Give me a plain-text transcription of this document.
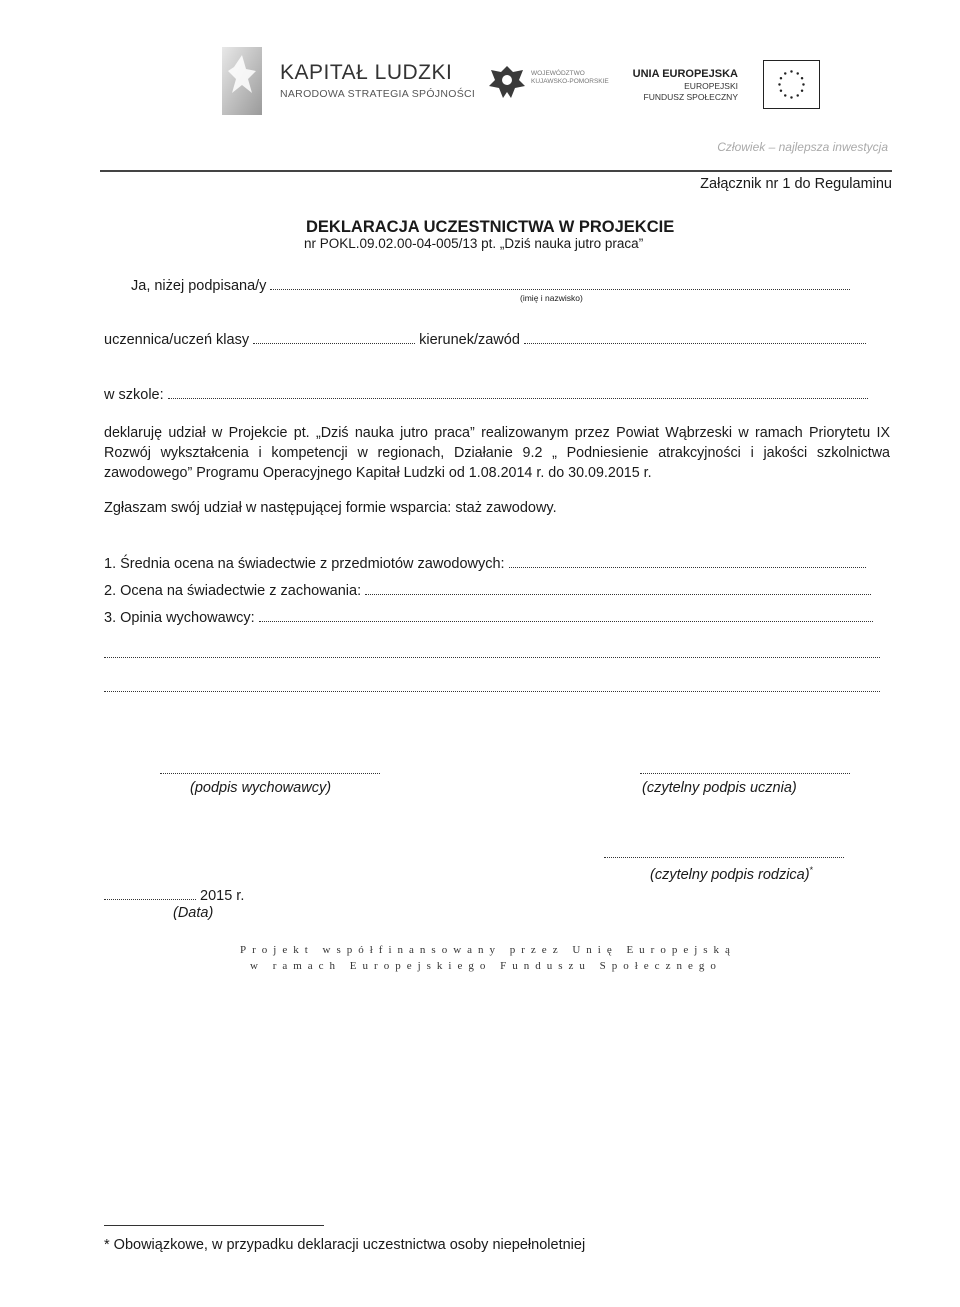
KAPITAŁ LUDZKI
NARODOWA STRATEGIA SPÓJNOŚCI
WOJEWÓDZTWO KUJAWSKO-POMORSKIE
UNIA EUROPEJSKA
EUROPEJSKI
FUNDUSZ SPOŁECZNY
Człowiek – najlepsza inwestycja
Załącznik nr 1 do Regulaminu
DEKLARACJA UCZESTNICTWA W PROJEKCIE
nr POKL.09.02.00-04-005/13 pt. „Dziś nauka jutro praca”
Ja, niżej podpisana/y
(imię i nazwisko)
uczennica/uczeń klasy	kierunek/zawód
w szkole:
deklaruję udział w Projekcie pt. „Dziś nauka jutro praca” realizowanym przez Powiat Wąbrzeski w ramach Priorytetu IX Rozwój wykształcenia i kompetencji w regionach, Działanie 9.2 „ Podniesienie atrakcyjności i jakości szkolnictwa zawodowego” Programu Operacyjnego Kapitał Ludzki od 1.08.2014 r. do 30.09.2015 r.
Zgłaszam swój udział w następującej formie wsparcia: staż zawodowy.
1. Średnia ocena na świadectwie z przedmiotów zawodowych:
2. Ocena na świadectwie z zachowania:
3. Opinia wychowawcy:
(podpis wychowawcy)	(czytelny podpis ucznia)
(czytelny podpis rodzica)*
2015 r.
(Data)
Projekt współfinansowany przez Unię Europejską
w ramach Europejskiego Funduszu Społecznego
* Obowiązkowe, w przypadku deklaracji uczestnictwa osoby niepełnoletniej
